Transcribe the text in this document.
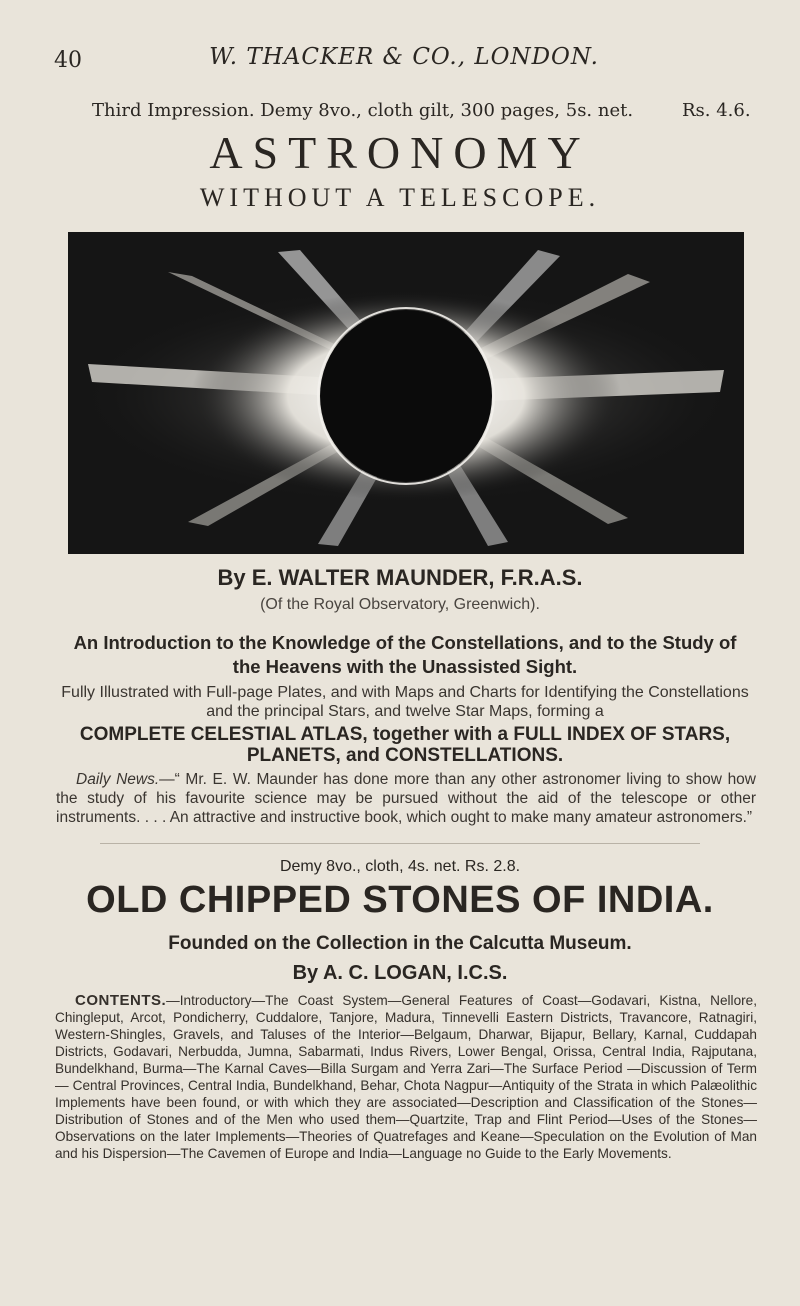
40	W. THACKER & CO., LONDON.
Third Impression. Demy 8vo., cloth gilt, 300 pages, 5s. net.	Rs. 4.6.
ASTRONOMY
WITHOUT A TELESCOPE.
By E. WALTER MAUNDER, F.R.A.S.
(Of the Royal Observatory, Greenwich).
An Introduction to the Knowledge of the Constellations, and to the Study of the Heavens with the Unassisted Sight.
Fully Illustrated with Full-page Plates, and with Maps and Charts for Identifying the Constellations and the principal Stars, and twelve Star Maps, forming a
COMPLETE CELESTIAL ATLAS, together with a FULL INDEX OF STARS, PLANETS, and CONSTELLATIONS.
Daily News.—“ Mr. E. W. Maunder has done more than any other astronomer living to show how the study of his favourite science may be pursued without the aid of the telescope or other instruments. . . . An attractive and instructive book, which ought to make many amateur astronomers.”
Demy 8vo., cloth, 4s. net. Rs. 2.8.
OLD CHIPPED STONES OF INDIA.
Founded on the Collection in the Calcutta Museum.
By A. C. LOGAN, I.C.S.
CONTENTS.—Introductory—The Coast System—General Features of Coast—Godavari, Kistna, Nellore, Chingleput, Arcot, Pondicherry, Cuddalore, Tanjore, Madura, Tinnevelli Eastern Districts, Travancore, Ratnagiri, Western-Shingles, Gravels, and Taluses of the Interior—Belgaum, Dharwar, Bijapur, Bellary, Karnal, Cuddapah Districts, Godavari, Nerbudda, Jumna, Sabarmati, Indus Rivers, Lower Bengal, Orissa, Central India, Rajputana, Bundelkhand, Burma—The Karnal Caves—Billa Surgam and Yerra Zari—The Surface Period —Discussion of Term — Central Provinces, Central India, Bundelkhand, Behar, Chota Nagpur—Antiquity of the Strata in which Palæolithic Implements have been found, or with which they are associated—Description and Classification of the Stones—Distribution of Stones and of the Men who used them—Quartzite, Trap and Flint Period—Uses of the Stones—Observations on the later Implements—Theories of Quatrefages and Keane—Speculation on the Evolution of Man and his Dispersion—The Cavemen of Europe and India—Language no Guide to the Early Movements.
